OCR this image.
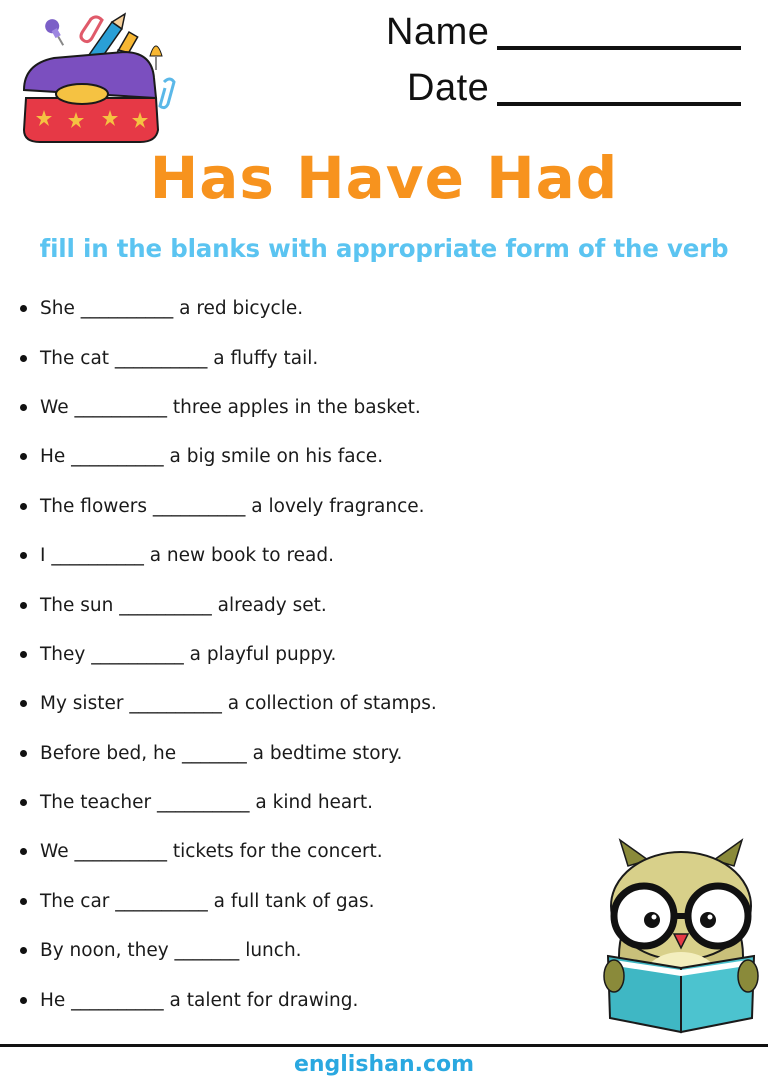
Name
Date
Has Have Had
fill in the blanks with appropriate form of the verb
She __________ a red bicycle.
The cat __________ a fluffy tail.
We __________ three apples in the basket.
He __________ a big smile on his face.
The flowers __________ a lovely fragrance.
I __________ a new book to read.
The sun __________ already set.
They __________ a playful puppy.
My sister __________ a collection of stamps.
Before bed, he _______ a bedtime story.
The teacher __________ a kind heart.
We __________ tickets for the concert.
The car __________ a full tank of gas.
By noon, they _______ lunch.
He __________ a talent for drawing.
englishan.com
